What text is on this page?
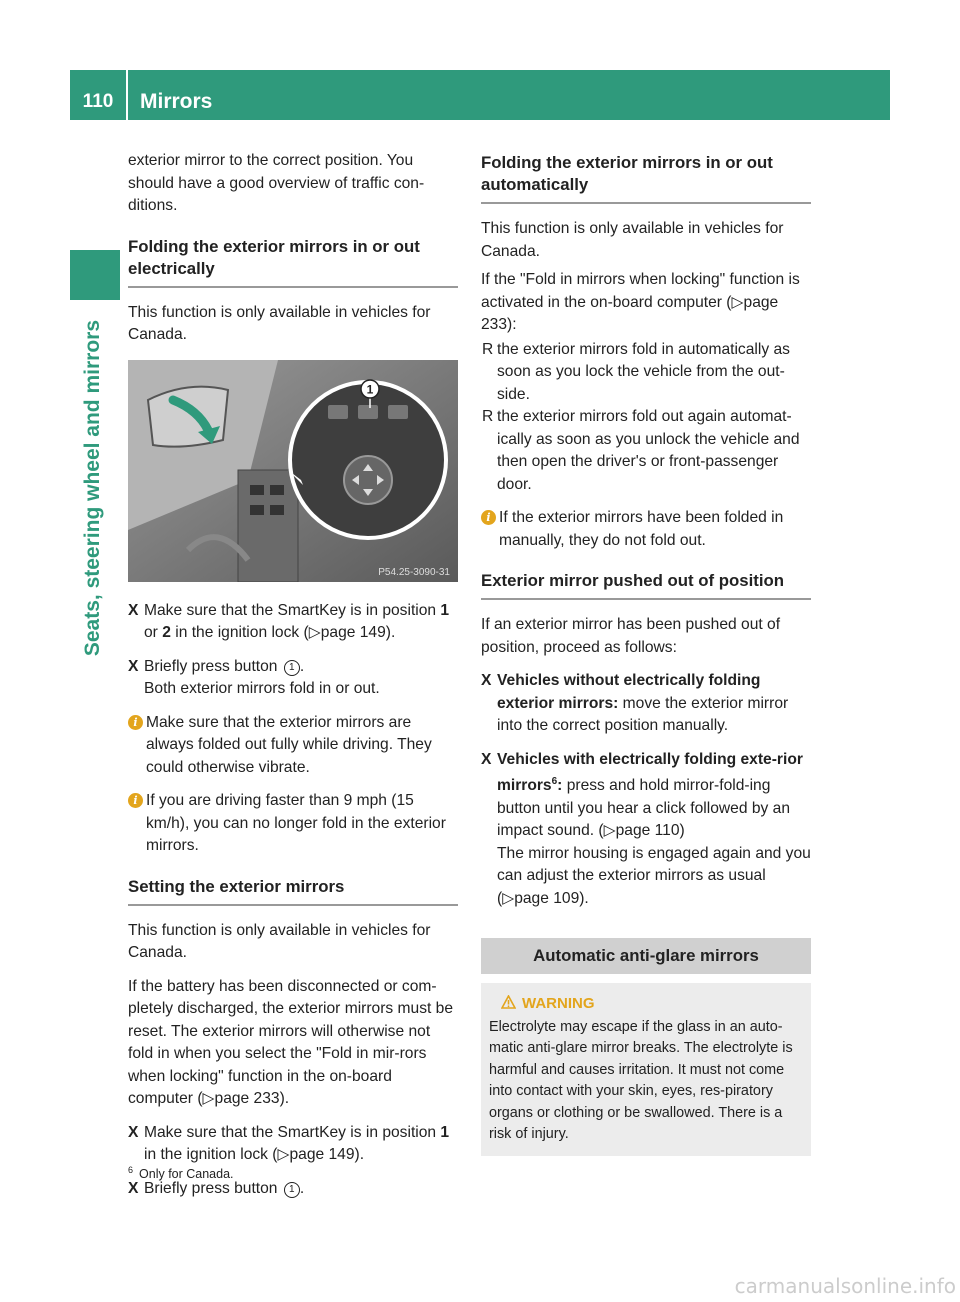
110	Mirrors
Seats, steering wheel and mirrors

exterior mirror to the correct position. You should have a good overview of traffic con-ditions.

Folding the exterior mirrors in or out electrically

This function is only available in vehicles for Canada.

1
P54.25-3090-31
X Make sure that the SmartKey is in position 1 or 2 in the ignition lock (▷page 149).
X Briefly press button 1 .
Both exterior mirrors fold in or out.
i Make sure that the exterior mirrors are always folded out fully while driving. They could otherwise vibrate.
i If you are driving faster than 9 mph (15 km/h), you can no longer fold in the exterior mirrors.
Setting the exterior mirrors

This function is only available in vehicles for Canada.

If the battery has been disconnected or com-pletely discharged, the exterior mirrors must be reset. The exterior mirrors will otherwise not fold in when you select the "Fold in mir-rors when locking" function in the on-board computer (▷page 233).

X Make sure that the SmartKey is in position 1 in the ignition lock (▷page 149).
X Briefly press button 1 .
Folding the exterior mirrors in or out automatically

This function is only available in vehicles for Canada.

If the "Fold in mirrors when locking" function is activated in the on-board computer (▷page 233):

R the exterior mirrors fold in automatically as soon as you lock the vehicle from the out-side.
R the exterior mirrors fold out again automat-ically as soon as you unlock the vehicle and then open the driver's or front-passenger door.
i If the exterior mirrors have been folded in manually, they do not fold out.
Exterior mirror pushed out of position

If an exterior mirror has been pushed out of position, proceed as follows:

X Vehicles without electrically folding exterior mirrors: move the exterior mirror into the correct position manually.
X Vehicles with electrically folding exte-rior mirrors$^6$: press and hold mirror-fold-ing button until you hear a click followed by an impact sound. (▷page 110)
The mirror housing is engaged again and you can adjust the exterior mirrors as usual (▷page 109).
Automatic anti-glare mirrors
WARNING
Electrolyte may escape if the glass in an auto-matic anti-glare mirror breaks. The electrolyte is harmful and causes irritation. It must not come into contact with your skin, eyes, res-piratory organs or clothing or be swallowed. There is a risk of injury.
$^6$ Only for Canada.
carmanualsonline.info
